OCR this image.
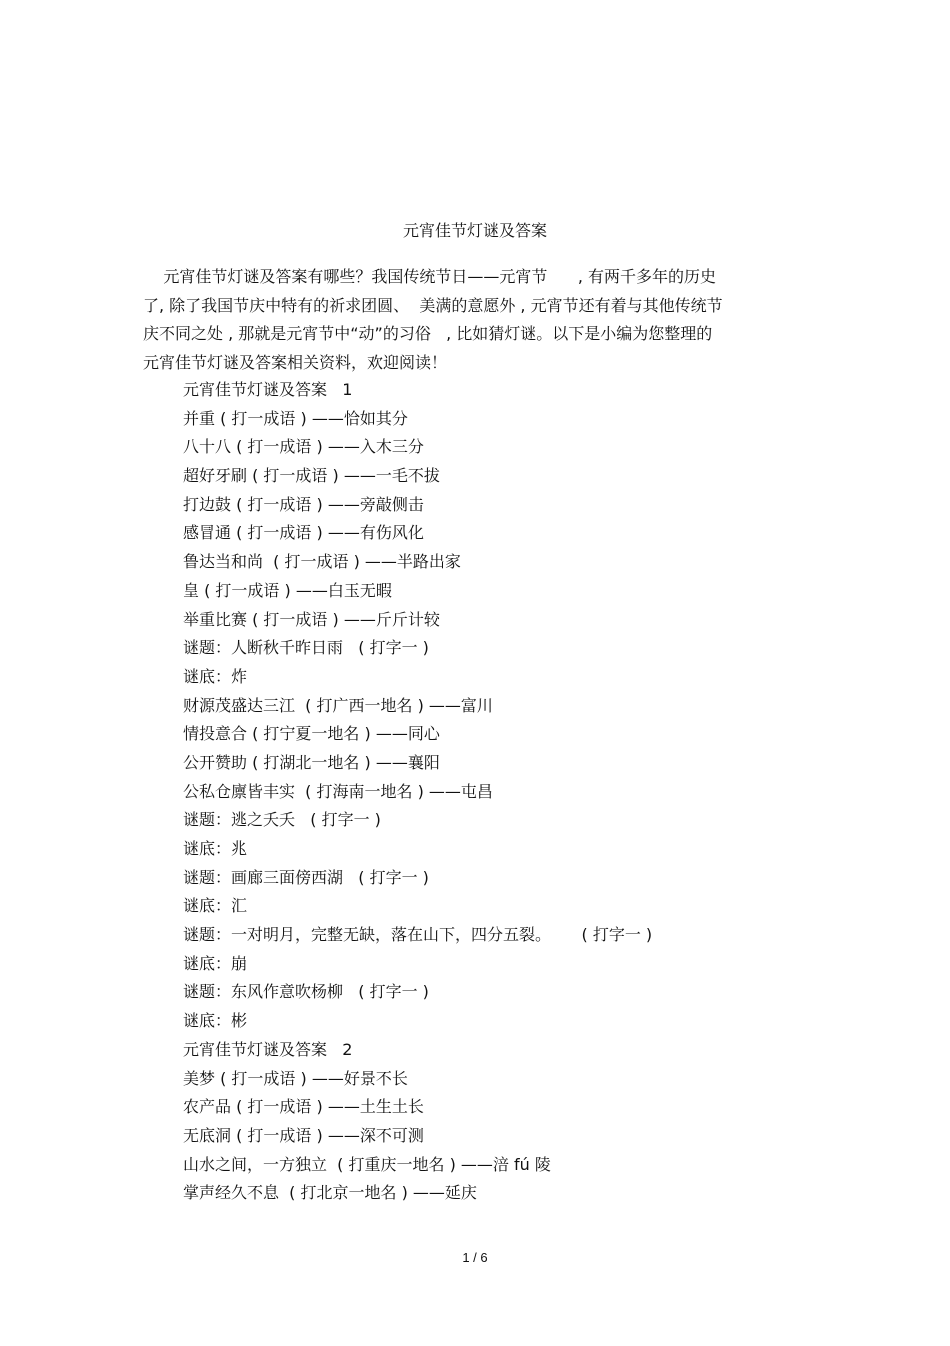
元宵佳节灯谜及答案

元宵佳节灯谜及答案有哪些？我国传统节日——元宵节      , 有两千多年的历史
了, 除了我国节庆中特有的祈求团圆、  美满的意愿外 , 元宵节还有着与其他传统节
庆不同之处 , 那就是元宵节中“动”的习俗   , 比如猜灯谜。以下是小编为您整理的
元宵佳节灯谜及答案相关资料，欢迎阅读！

元宵佳节灯谜及答案   1
并重 ( 打一成语 ) ——恰如其分
八十八 ( 打一成语 ) ——入木三分
超好牙刷 ( 打一成语 ) ——一毛不拔
打边鼓 ( 打一成语 ) ——旁敲侧击
感冒通 ( 打一成语 ) ——有伤风化
鲁达当和尚  ( 打一成语 ) ——半路出家
皇 ( 打一成语 ) ——白玉无暇
举重比赛 ( 打一成语 ) ——斤斤计较
谜题：人断秋千昨日雨   ( 打字一 )
谜底：炸
财源茂盛达三江  ( 打广西一地名 ) ——富川
情投意合 ( 打宁夏一地名 ) ——同心
公开赞助 ( 打湖北一地名 ) ——襄阳
公私仓廪皆丰实  ( 打海南一地名 ) ——屯昌
谜题：逃之夭夭   ( 打字一 )
谜底：兆
谜题：画廊三面傍西湖   ( 打字一 )
谜底：汇
谜题：一对明月，完整无缺，落在山下，四分五裂。      ( 打字一 )
谜底：崩
谜题：东风作意吹杨柳   ( 打字一 )
谜底：彬
元宵佳节灯谜及答案   2
美梦 ( 打一成语 ) ——好景不长
农产品 ( 打一成语 ) ——土生土长
无底洞 ( 打一成语 ) ——深不可测
山水之间，一方独立  ( 打重庆一地名 ) ——涪 fú 陵
掌声经久不息  ( 打北京一地名 ) ——延庆
1 / 6
